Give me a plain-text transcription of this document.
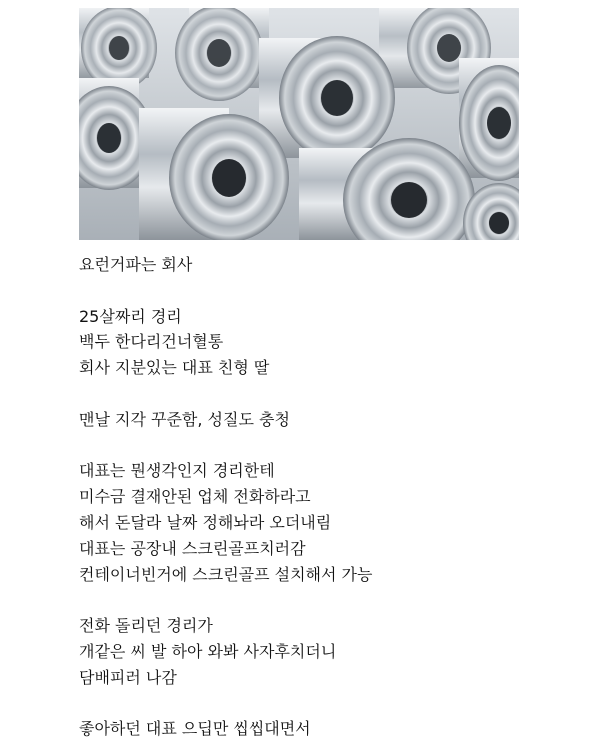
요런거파는 회사
25살짜리 경리
백두 한다리건너혈통
회사 지분있는 대표 친형 딸
맨날 지각 꾸준함, 성질도 충청
대표는 뭔생각인지 경리한테
미수금 결재안된 업체 전화하라고
해서 돈달라 날짜 정해놔라 오더내림
대표는 공장내 스크린골프치러감
컨테이너빈거에 스크린골프 설치해서 가능
전화 돌리던 경리가
개같은 씨 발 하아 와봐 사자후치더니
담배피러 나감
좋아하던 대표 으딥만 씹씹대면서
